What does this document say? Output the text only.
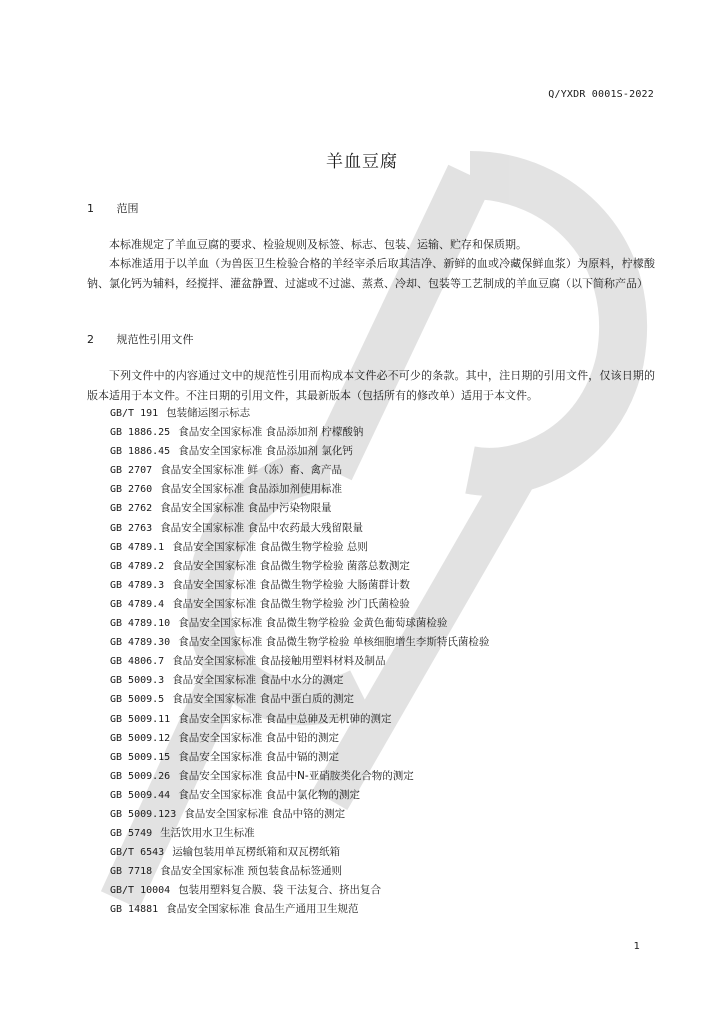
Q/YXDR 0001S-2022
羊血豆腐
1 范围
本标准规定了羊血豆腐的要求、检验规则及标签、标志、包装、运输、贮存和保质期。
本标准适用于以羊血（为兽医卫生检验合格的羊经宰杀后取其洁净、新鲜的血或冷藏保鲜血浆）为原料，柠檬酸钠、氯化钙为辅料，经搅拌、灌盆静置、过滤或不过滤、蒸煮、冷却、包装等工艺制成的羊血豆腐（以下简称产品）
2 规范性引用文件
下列文件中的内容通过文中的规范性引用而构成本文件必不可少的条款。其中，注日期的引用文件，仅该日期的版本适用于本文件。不注日期的引用文件，其最新版本（包括所有的修改单）适用于本文件。
GB/T 191 包装储运图示标志
GB 1886.25 食品安全国家标准 食品添加剂 柠檬酸钠
GB 1886.45 食品安全国家标准 食品添加剂 氯化钙
GB 2707 食品安全国家标准 鲜（冻）畜、禽产品
GB 2760 食品安全国家标准 食品添加剂使用标准
GB 2762 食品安全国家标准 食品中污染物限量
GB 2763 食品安全国家标准 食品中农药最大残留限量
GB 4789.1 食品安全国家标准 食品微生物学检验 总则
GB 4789.2 食品安全国家标准 食品微生物学检验 菌落总数测定
GB 4789.3 食品安全国家标准 食品微生物学检验 大肠菌群计数
GB 4789.4 食品安全国家标准 食品微生物学检验 沙门氏菌检验
GB 4789.10 食品安全国家标准 食品微生物学检验 金黄色葡萄球菌检验
GB 4789.30 食品安全国家标准 食品微生物学检验 单核细胞增生李斯特氏菌检验
GB 4806.7 食品安全国家标准 食品接触用塑料材料及制品
GB 5009.3 食品安全国家标准 食品中水分的测定
GB 5009.5 食品安全国家标准 食品中蛋白质的测定
GB 5009.11 食品安全国家标准 食品中总砷及无机砷的测定
GB 5009.12 食品安全国家标准 食品中铅的测定
GB 5009.15 食品安全国家标准 食品中镉的测定
GB 5009.26 食品安全国家标准 食品中N-亚硝胺类化合物的测定
GB 5009.44 食品安全国家标准 食品中氯化物的测定
GB 5009.123 食品安全国家标准 食品中铬的测定
GB 5749 生活饮用水卫生标准
GB/T 6543 运输包装用单瓦楞纸箱和双瓦楞纸箱
GB 7718 食品安全国家标准 预包装食品标签通则
GB/T 10004 包装用塑料复合膜、袋 干法复合、挤出复合
GB 14881 食品安全国家标准 食品生产通用卫生规范
1
